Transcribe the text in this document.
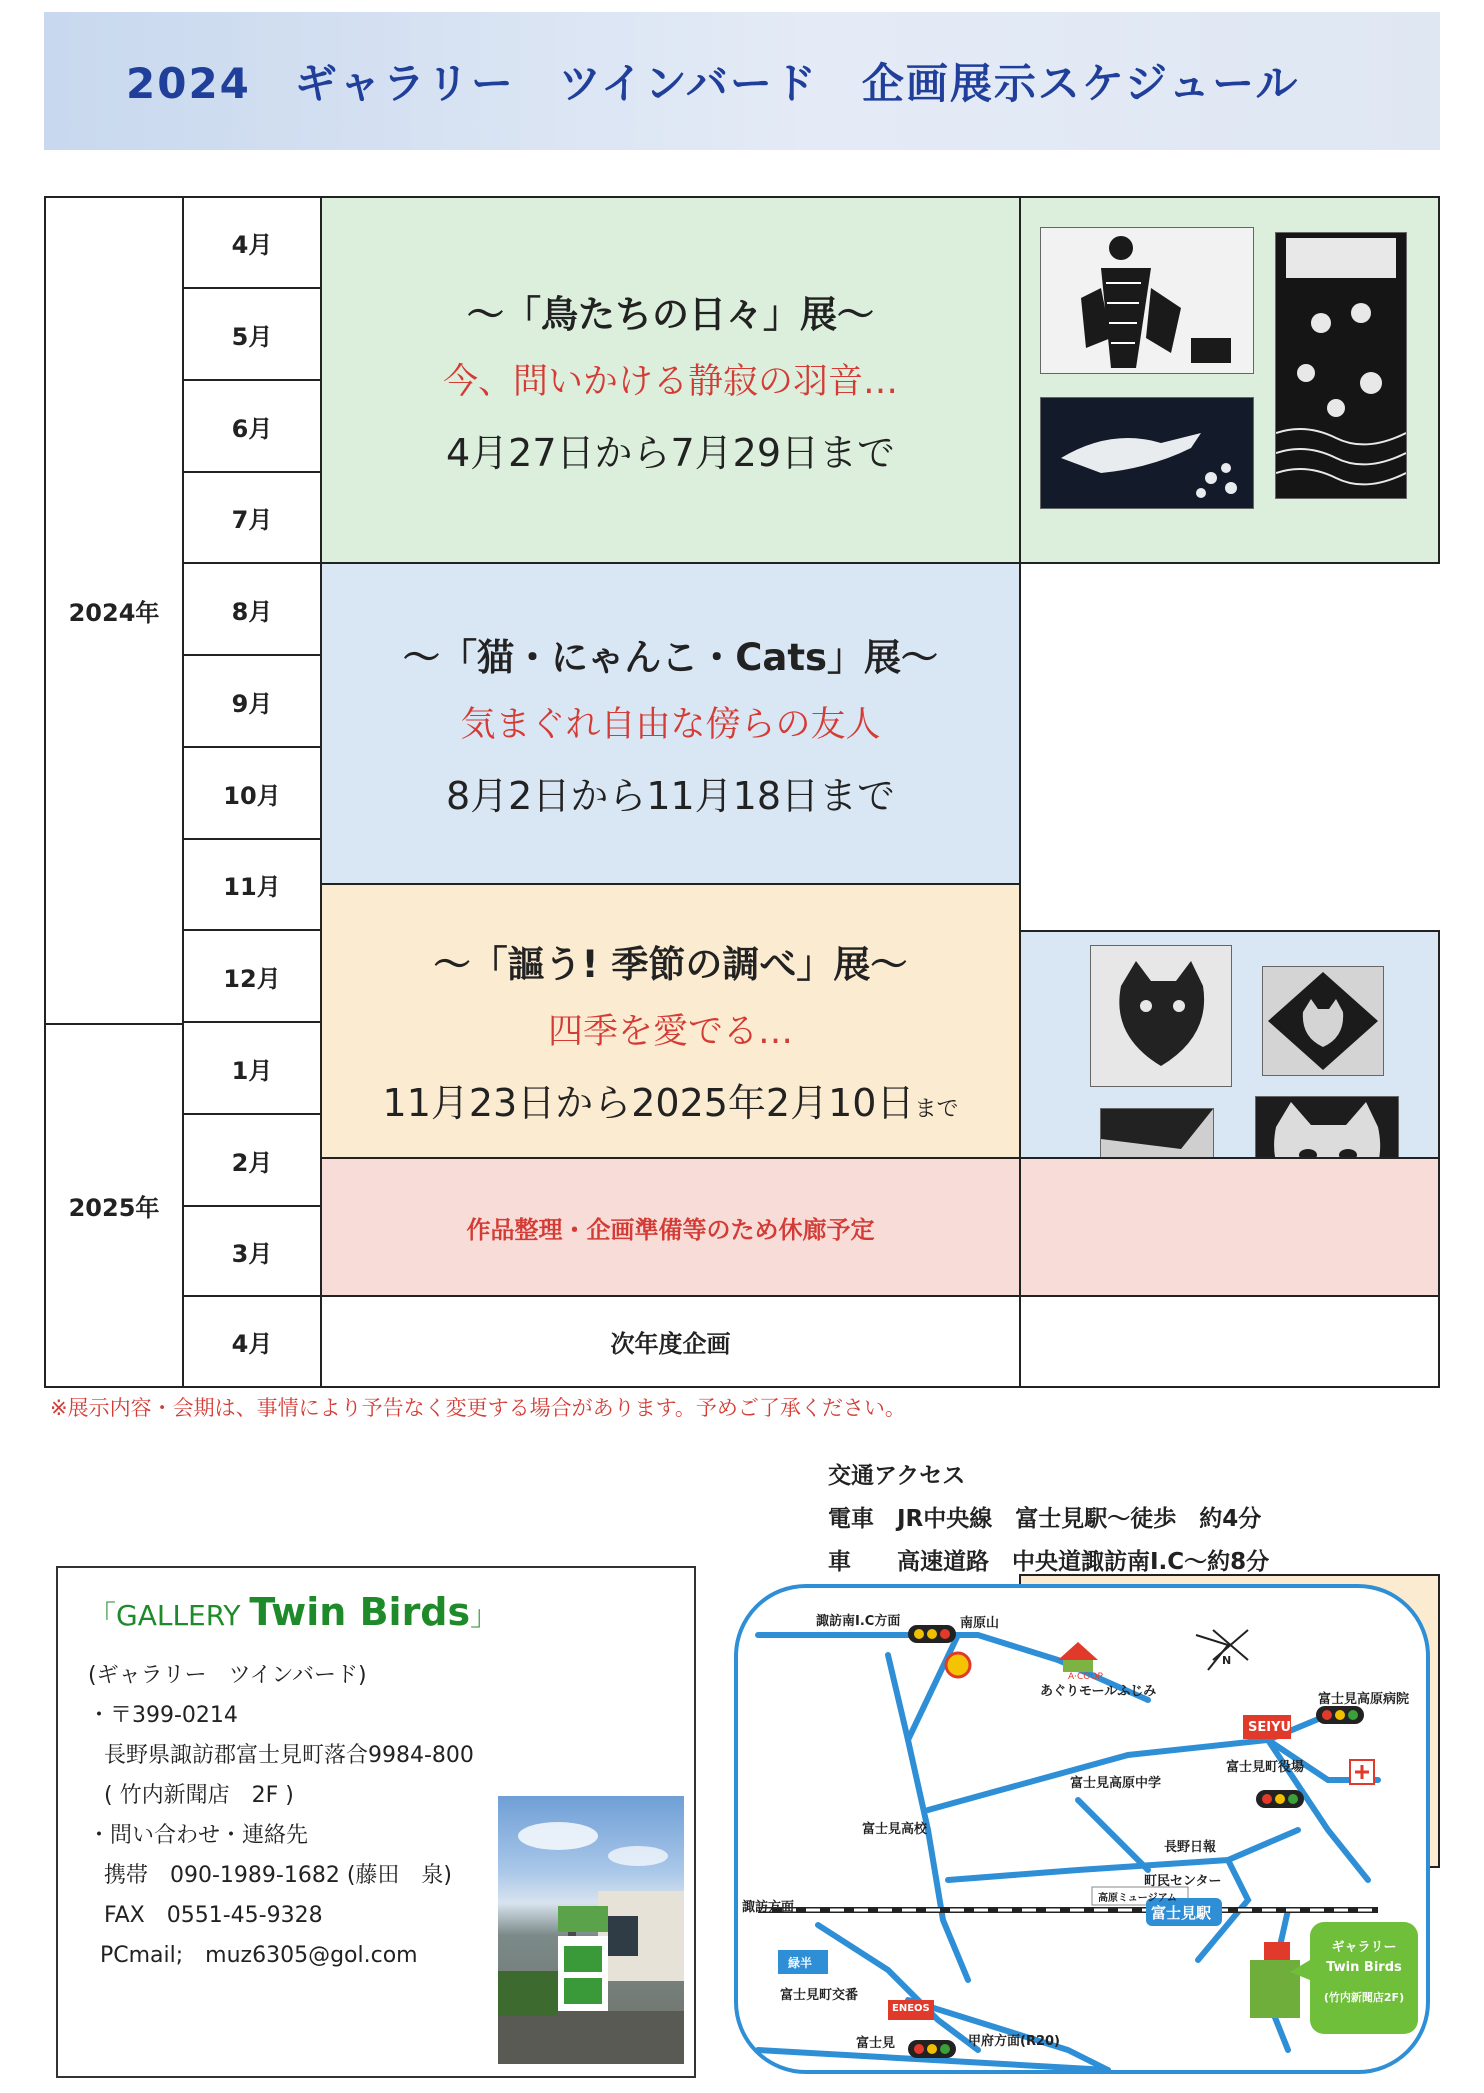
2024　ギャラリー　ツインバード　企画展示スケジュール
2024年
2025年
4月
5月
6月
7月
8月
9月
10月
11月
12月
1月
2月
3月
4月
～「鳥たちの日々」展～
今、問いかける静寂の羽音…
4月27日から7月29日まで
～「猫・にゃんこ・Cats」展～
気まぐれ自由な傍らの友人
8月2日から11月18日まで
～「謳う! 季節の調べ」展～
四季を愛でる…
11月23日から2025年2月10日まで
作品整理・企画準備等のため休廊予定
次年度企画
※展示内容・会期は、事情により予告なく変更する場合があります。予めご了承ください。
交通アクセス
電車　JR中央線　富士見駅～徒歩　約4分
車　　高速道路　中央道諏訪南I.C～約8分
「GALLERY Twin Birds」
(ギャラリー　ツインバード)
・〒399-0214
長野県諏訪郡富士見町落合9984-800
( 竹内新聞店　2F )
・問い合わせ・連絡先
携帯　090-1989-1682 (藤田　泉)
FAX　0551-45-9328
PCmail;　muz6305@gol.com
諏訪南I.C方面	南原山
A·COOP
あぐりモールふじみ
SEIYU
富士見高原病院
富士見町役場
富士見高原中学
富士見高校
長野日報
高原ミュージアム
町民センター
富士見駅
諏訪方面
緑半
ENEOS
富士見町交番
富士見	甲府方面(R20)
N
ギャラリー
Twin Birds
(竹内新聞店2F)
